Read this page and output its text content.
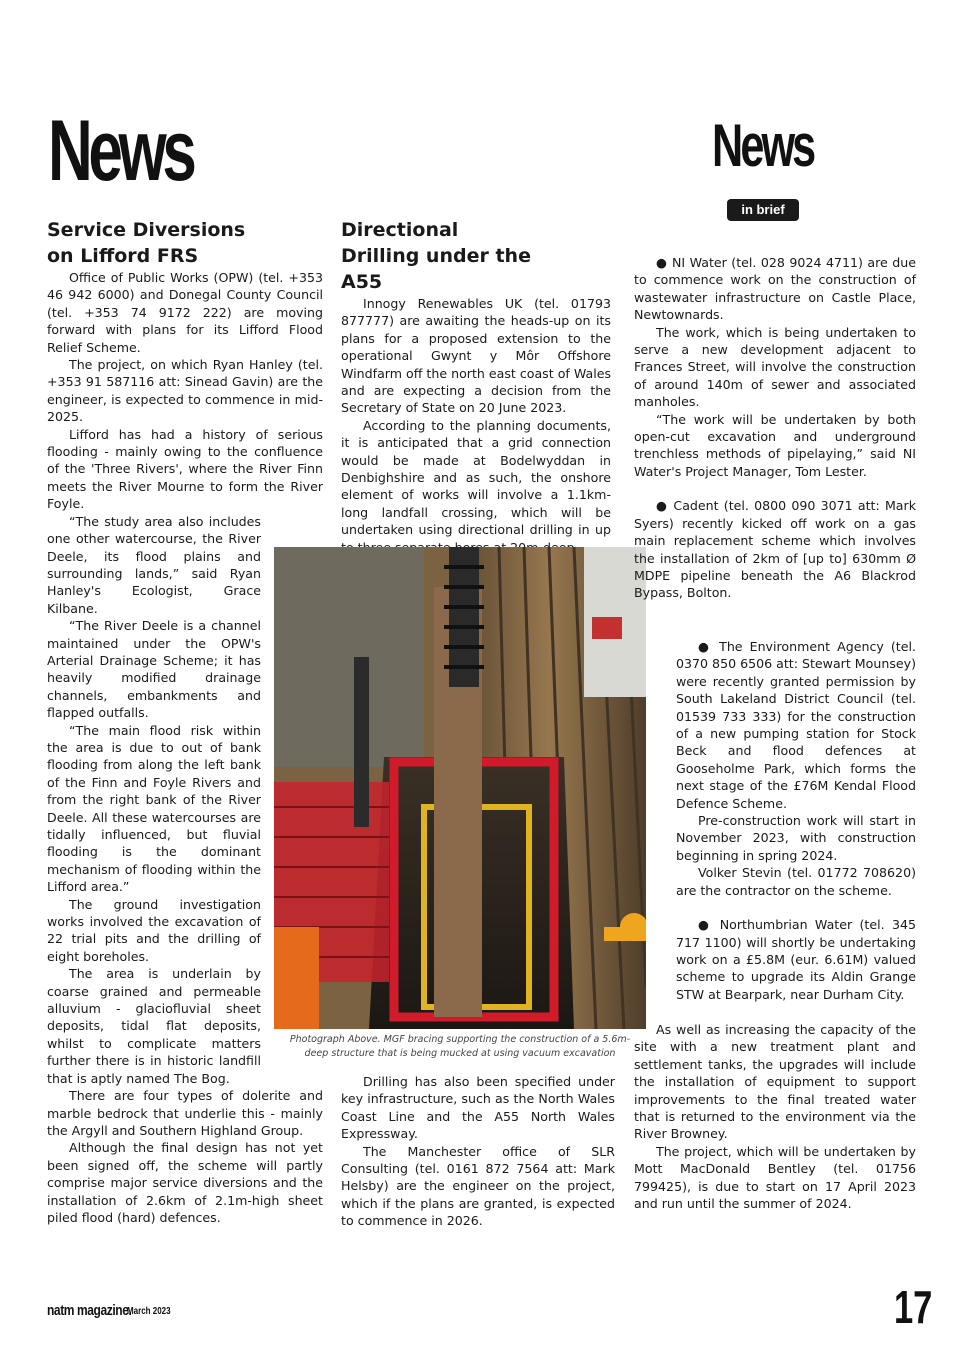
News	News
in brief
Service Diversions on Lifford FRS

Office of Public Works (OPW) (tel. +353 46 942 6000) and Donegal County Council (tel. +353 74 9172 222) are moving forward with plans for its Lifford Flood Relief Scheme.

The project, on which Ryan Hanley (tel. +353 91 587116 att: Sinead Gavin) are the engineer, is expected to commence in mid-2025.

Lifford has had a history of serious flooding - mainly owing to the confluence of the 'Three Rivers', where the River Finn meets the River Mourne to form the River Foyle.

“The study area also includes one other watercourse, the River Deele, its flood plains and surrounding lands,” said Ryan Hanley's Ecologist, Grace Kilbane.

“The River Deele is a channel maintained under the OPW's Arterial Drainage Scheme; it has heavily modified drainage channels, embankments and flapped outfalls.

“The main flood risk within the area is due to out of bank flooding from along the left bank of the Finn and Foyle Rivers and from the right bank of the River Deele. All these watercourses are tidally influenced, but fluvial flooding is the dominant mechanism of flooding within the Lifford area.”

The ground investigation works involved the excavation of 22 trial pits and the drilling of eight boreholes.

The area is underlain by coarse grained and permeable alluvium - glaciofluvial sheet deposits, tidal flat deposits, whilst to complicate matters further there is in historic landfill that is aptly named The Bog.

There are four types of dolerite and marble bedrock that underlie this - mainly the Argyll and Southern Highland Group.

Although the final design has not yet been signed off, the scheme will partly comprise major service diversions and the installation of 2.6km of 2.1m-high sheet piled flood (hard) defences.

Directional Drilling under the A55

Innogy Renewables UK (tel. 01793 877777) are awaiting the heads-up on its plans for a proposed extension to the operational Gwynt y Môr Offshore Windfarm off the north east coast of Wales and are expecting a decision from the Secretary of State on 20 June 2023.

According to the planning documents, it is anticipated that a grid connection would be made at Bodelwyddan in Denbighshire and as such, the onshore element of works will involve a 1.1km-long landfall crossing, which will be undertaken using directional drilling in up

Drilling has also been specified under key infrastructure, such as the North Wales Coast Line and the A55 North Wales Expressway.

The Manchester office of SLR Consulting (tel. 0161 872 7564 att: Mark Helsby) are the engineer on the project, which if the plans are granted, is expected to commence in 2026.

Photograph Above. MGF bracing supporting the construction of a 5.6m-deep structure that is being mucked at using vacuum excavation

● NI Water (tel. 028 9024 4711) are due to commence work on the construction of wastewater infrastructure on Castle Place, Newtownards.

The work, which is being undertaken to serve a new development adjacent to Frances Street, will involve the construction of around 140m of sewer and associated manholes.

“The work will be undertaken by both open-cut excavation and underground trenchless methods of pipelaying,” said NI Water's Project Manager, Tom Lester.

● Cadent (tel. 0800 090 3071 att: Mark Syers) recently kicked off work on a gas main replacement scheme which involves the installation of 2km of [up to] 630mm Ø MDPE pipeline beneath the A6 Blackrod Bypass, Bolton.

● The Environment Agency (tel. 0370 850 6506 att: Stewart Mounsey) were recently granted permission by South Lakeland District Council (tel. 01539 733 333) for the construction of a new pumping station for Stock Beck and flood defences at Gooseholme Park, which forms the next stage of the £76M Kendal Flood Defence Scheme.

Pre-construction work will start in November 2023, with construction beginning in spring 2024.

Volker Stevin (tel. 01772 708620) are the contractor on the scheme.

● Northumbrian Water (tel. 345 717 1100) will shortly be undertaking work on a £5.8M (eur. 6.61M) valued scheme to upgrade its Aldin Grange STW at Bearpark, near Durham City.

As well as increasing the capacity of the site with a new treatment plant and settlement tanks, the upgrades will include the installation of equipment to support improvements to the final treated water that is returned to the environment via the River Browney.

The project, which will be undertaken by Mott MacDonald Bentley (tel. 01756 799425), is due to start on 17 April 2023 and run until the summer of 2024.

natm magazine.
March 2023	17
